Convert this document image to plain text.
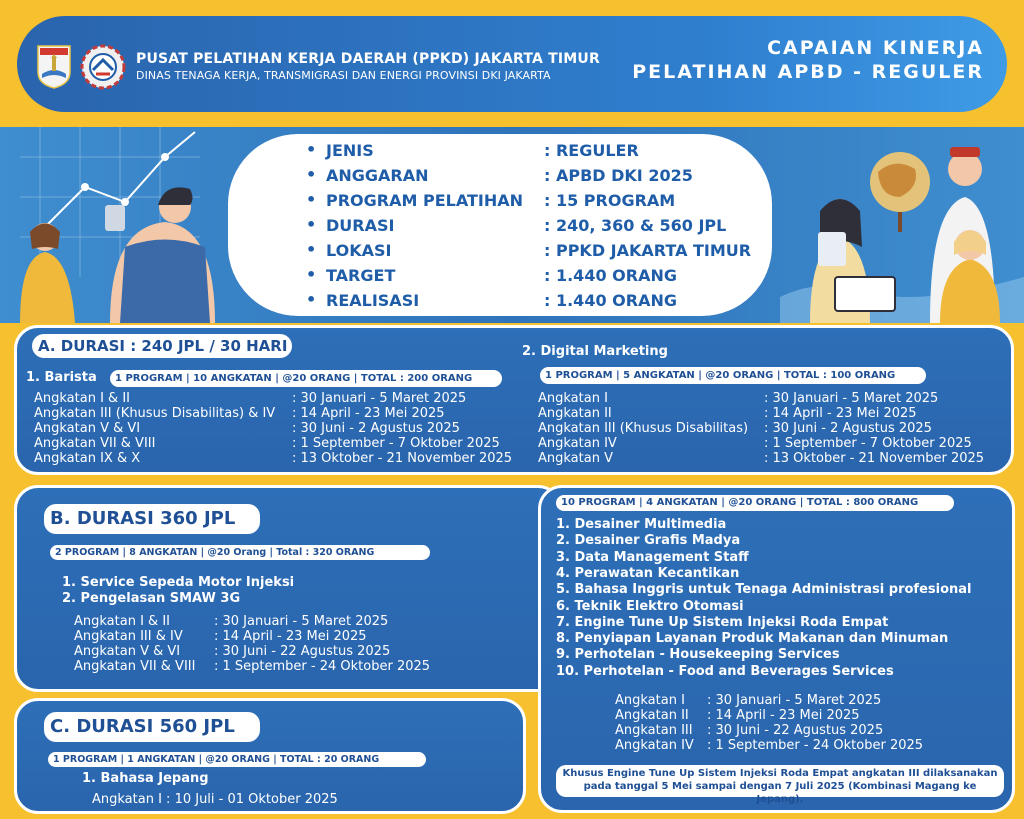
PUSAT PELATIHAN KERJA DAERAH (PPKD) JAKARTA TIMUR
DINAS TENAGA KERJA, TRANSMIGRASI DAN ENERGI PROVINSI DKI JAKARTA
CAPAIAN KINERJA
PELATIHAN APBD - REGULER
• JENIS	: REGULER
• ANGGARAN	: APBD DKI 2025
• PROGRAM PELATIHAN : 15 PROGRAM
• DURASI	: 240, 360 & 560 JPL
• LOKASI	: PPKD JAKARTA TIMUR
• TARGET	: 1.440 ORANG
• REALISASI	: 1.440 ORANG
A. DURASI : 240 JPL / 30 HARI
1. Barista	1 PROGRAM | 10 ANGKATAN | @20 ORANG | TOTAL : 200 ORANG
Angkatan I & II	: 30 Januari - 5 Maret 2025
Angkatan III (Khusus Disabilitas) & IV : 14 April - 23 Mei 2025
Angkatan V & VI	: 30 Juni - 2 Agustus 2025
Angkatan VII & VIII	: 1 September - 7 Oktober 2025
Angkatan IX & X	: 13 Oktober - 21 November 2025
2. Digital Marketing
1 PROGRAM | 5 ANGKATAN | @20 ORANG | TOTAL : 100 ORANG
Angkatan I	: 30 Januari - 5 Maret 2025
Angkatan II	: 14 April - 23 Mei 2025
Angkatan III (Khusus Disabilitas) : 30 Juni - 2 Agustus 2025
Angkatan IV	: 1 September - 7 Oktober 2025
Angkatan V	: 13 Oktober - 21 November 2025
B. DURASI 360 JPL
2 PROGRAM | 8 ANGKATAN | @20 Orang | Total : 320 ORANG
1. Service Sepeda Motor Injeksi
2. Pengelasan SMAW 3G
Angkatan I & II	: 30 Januari - 5 Maret 2025
Angkatan III & IV : 14 April - 23 Mei 2025
Angkatan V & VI	: 30 Juni - 22 Agustus 2025
Angkatan VII & VIII : 1 September - 24 Oktober 2025
10 PROGRAM | 4 ANGKATAN | @20 ORANG | TOTAL : 800 ORANG
1. Desainer Multimedia
2. Desainer Grafis Madya
3. Data Management Staff
4. Perawatan Kecantikan
5. Bahasa Inggris untuk Tenaga Administrasi profesional
6. Teknik Elektro Otomasi
7. Engine Tune Up Sistem Injeksi Roda Empat
8. Penyiapan Layanan Produk Makanan dan Minuman
9. Perhotelan - Housekeeping Services
10. Perhotelan - Food and Beverages Services
Angkatan I : 30 Januari - 5 Maret 2025
Angkatan II : 14 April - 23 Mei 2025
Angkatan III : 30 Juni - 22 Agustus 2025
Angkatan IV : 1 September - 24 Oktober 2025
Khusus Engine Tune Up Sistem Injeksi Roda Empat angkatan III dilaksanakan
pada tanggal 5 Mei sampai dengan 7 Juli 2025 (Kombinasi Magang ke Jepang).
C. DURASI 560 JPL
1 PROGRAM | 1 ANGKATAN | @20 ORANG | TOTAL : 20 ORANG
1. Bahasa Jepang
Angkatan I : 10 Juli - 01 Oktober 2025
